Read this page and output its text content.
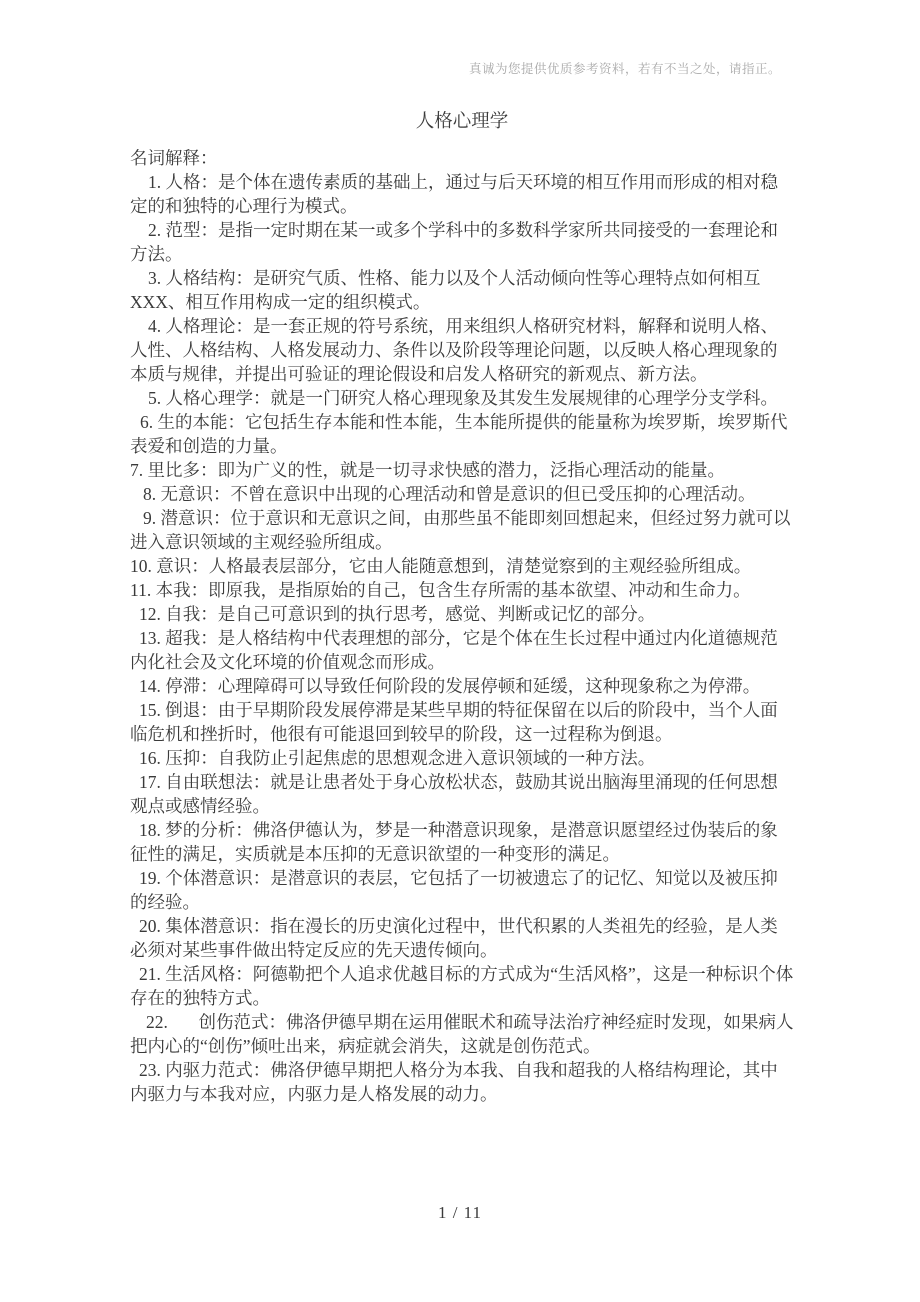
真诚为您提供优质参考资料，若有不当之处，请指正。
人格心理学

名词解释：

1. 人格：是个体在遗传素质的基础上，通过与后天环境的相互作用而形成的相对稳定的和独特的心理行为模式。

2. 范型：是指一定时期在某一或多个学科中的多数科学家所共同接受的一套理论和方法。

3. 人格结构：是研究气质、性格、能力以及个人活动倾向性等心理特点如何相互XXX、相互作用构成一定的组织模式。

4. 人格理论：是一套正规的符号系统，用来组织人格研究材料，解释和说明人格、人性、人格结构、人格发展动力、条件以及阶段等理论问题，以反映人格心理现象的本质与规律，并提出可验证的理论假设和启发人格研究的新观点、新方法。

5. 人格心理学：就是一门研究人格心理现象及其发生发展规律的心理学分支学科。

6. 生的本能：它包括生存本能和性本能，生本能所提供的能量称为埃罗斯，埃罗斯代表爱和创造的力量。

7. 里比多：即为广义的性，就是一切寻求快感的潜力，泛指心理活动的能量。

8. 无意识：不曾在意识中出现的心理活动和曾是意识的但已受压抑的心理活动。

9. 潜意识：位于意识和无意识之间，由那些虽不能即刻回想起来，但经过努力就可以进入意识领域的主观经验所组成。

10. 意识：人格最表层部分，它由人能随意想到，清楚觉察到的主观经验所组成。

11. 本我：即原我，是指原始的自己，包含生存所需的基本欲望、冲动和生命力。

12. 自我：是自己可意识到的执行思考，感觉、判断或记忆的部分。

13. 超我：是人格结构中代表理想的部分，它是个体在生长过程中通过内化道德规范内化社会及文化环境的价值观念而形成。

14. 停滞：心理障碍可以导致任何阶段的发展停顿和延缓，这种现象称之为停滞。

15. 倒退：由于早期阶段发展停滞是某些早期的特征保留在以后的阶段中，当个人面临危机和挫折时，他很有可能退回到较早的阶段，这一过程称为倒退。

16. 压抑：自我防止引起焦虑的思想观念进入意识领域的一种方法。

17. 自由联想法：就是让患者处于身心放松状态，鼓励其说出脑海里涌现的任何思想观点或感情经验。

18. 梦的分析：佛洛伊德认为，梦是一种潜意识现象，是潜意识愿望经过伪装后的象征性的满足，实质就是本压抑的无意识欲望的一种变形的满足。

19. 个体潜意识：是潜意识的表层，它包括了一切被遗忘了的记忆、知觉以及被压抑的经验。

20. 集体潜意识：指在漫长的历史演化过程中，世代积累的人类祖先的经验，是人类必须对某些事件做出特定反应的先天遗传倾向。

21. 生活风格：阿德勒把个人追求优越目标的方式成为“生活风格”，这是一种标识个体存在的独特方式。

22.       创伤范式：佛洛伊德早期在运用催眠术和疏导法治疗神经症时发现，如果病人把内心的“创伤”倾吐出来，病症就会消失，这就是创伤范式。

23. 内驱力范式：佛洛伊德早期把人格分为本我、自我和超我的人格结构理论，其中内驱力与本我对应，内驱力是人格发展的动力。

1 / 11
